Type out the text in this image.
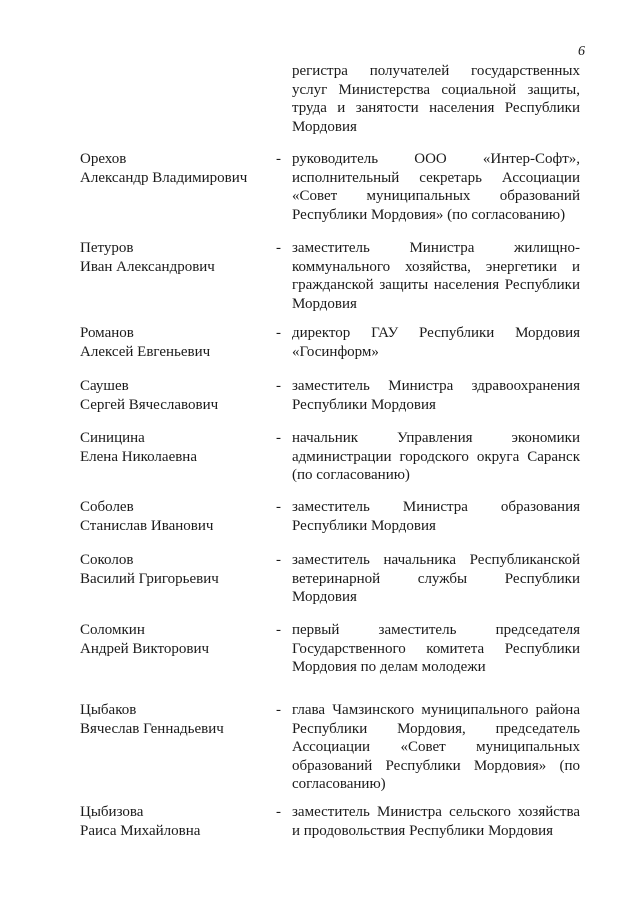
6
регистра получателей государственных услуг Министерства социальной защиты, труда и занятости населения Республики Мордовия
Орехов
Александр Владимирович
- руководитель ООО «Интер-Софт», исполнительный секретарь Ассоциации «Совет муниципальных образований Республики Мордовия» (по согласованию)
Петуров
Иван Александрович
- заместитель Министра жилищно-коммунального хозяйства, энергетики и гражданской защиты населения Республики Мордовия
Романов
Алексей Евгеньевич
- директор ГАУ Республики Мордовия «Госинформ»
Саушев
Сергей Вячеславович
- заместитель Министра здравоохранения Республики Мордовия
Синицина
Елена Николаевна
- начальник Управления экономики администрации городского округа Саранск (по согласованию)
Соболев
Станислав Иванович
- заместитель Министра образования Республики Мордовия
Соколов
Василий Григорьевич
- заместитель начальника Республиканской ветеринарной службы Республики Мордовия
Соломкин
Андрей Викторович
- первый заместитель председателя Государственного комитета Республики Мордовия по делам молодежи
Цыбаков
Вячеслав Геннадьевич
- глава Чамзинского муниципального района Республики Мордовия, председатель Ассоциации «Совет муниципальных образований Республики Мордовия» (по согласованию)
Цыбизова
Раиса Михайловна
- заместитель Министра сельского хозяйства и продовольствия Республики Мордовия
